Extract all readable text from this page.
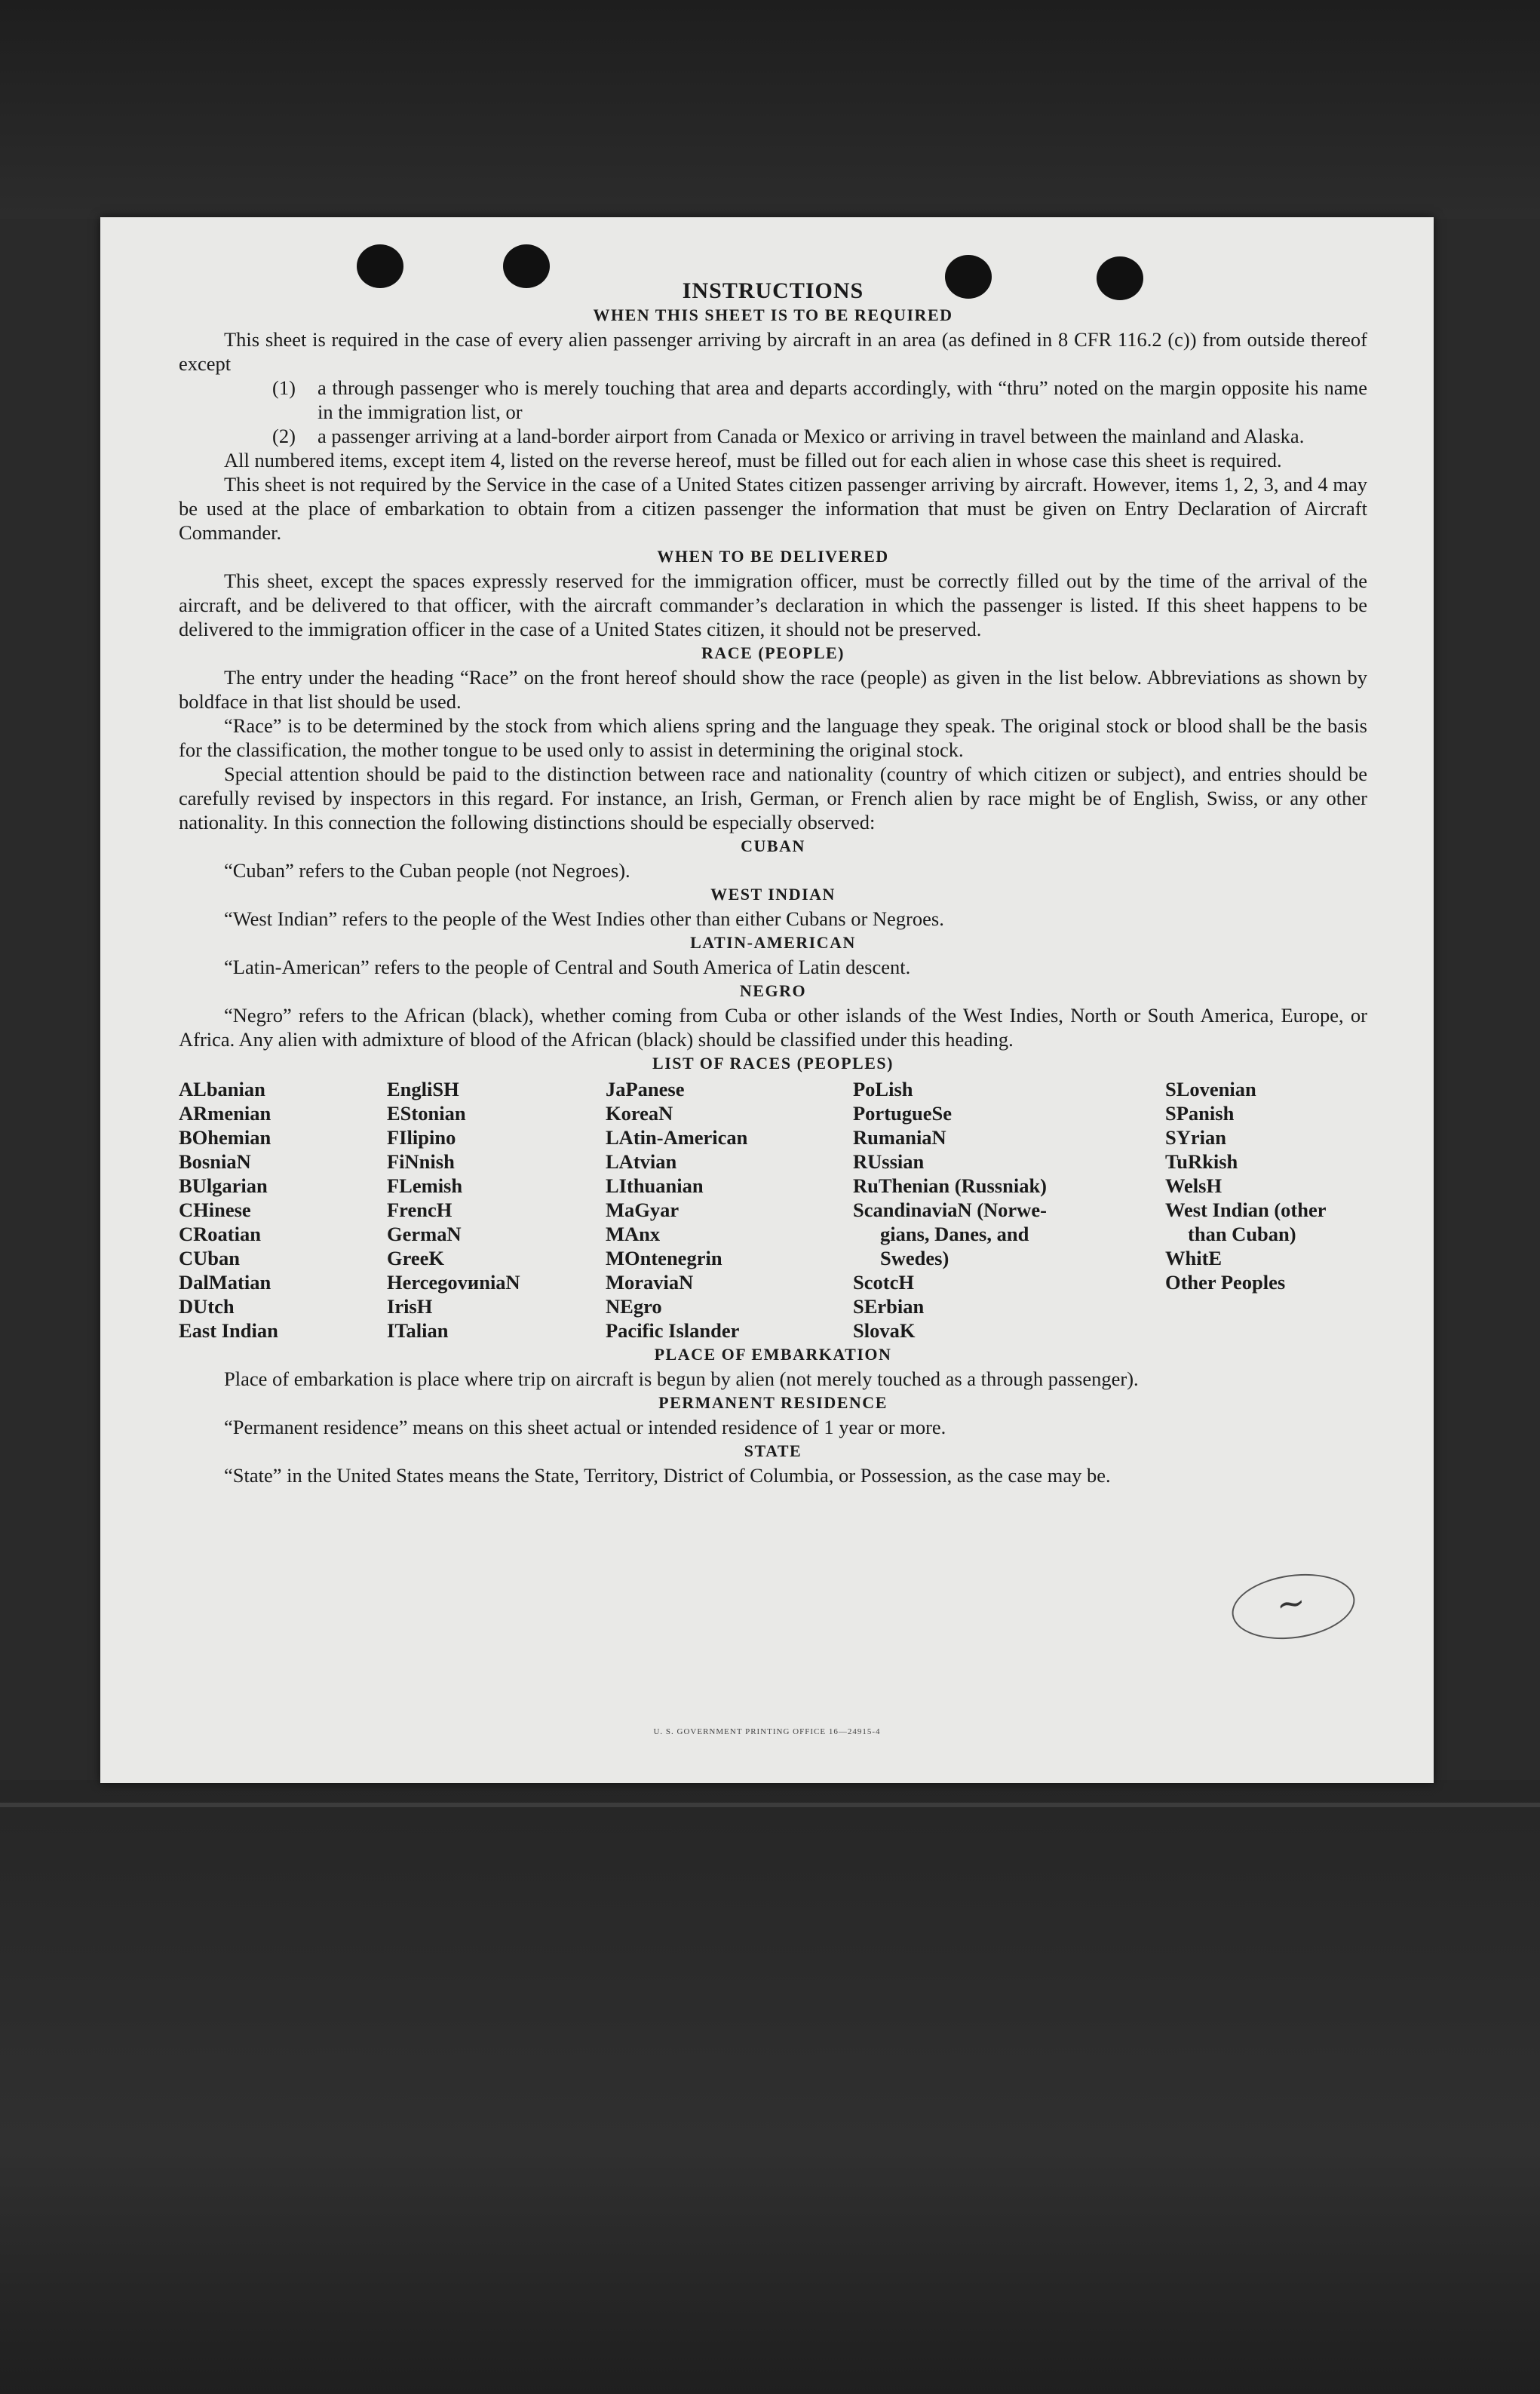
INSTRUCTIONS
WHEN THIS SHEET IS TO BE REQUIRED

This sheet is required in the case of every alien passenger arriving by aircraft in an area (as defined in 8 CFR 116.2 (c)) from outside thereof except

(1)	a through passenger who is merely touching that area and departs accordingly, with “thru” noted on the margin opposite his name in the immigration list, or
(2)	a passenger arriving at a land-border airport from Canada or Mexico or arriving in travel between the mainland and Alaska.

All numbered items, except item 4, listed on the reverse hereof, must be filled out for each alien in whose case this sheet is required.

This sheet is not required by the Service in the case of a United States citizen passenger arriving by aircraft. However, items 1, 2, 3, and 4 may be used at the place of embarkation to obtain from a citizen passenger the information that must be given on Entry Declaration of Aircraft Commander.

WHEN TO BE DELIVERED

This sheet, except the spaces expressly reserved for the immigration officer, must be correctly filled out by the time of the arrival of the aircraft, and be delivered to that officer, with the aircraft commander’s declaration in which the passenger is listed. If this sheet happens to be delivered to the immigration officer in the case of a United States citizen, it should not be preserved.

RACE (PEOPLE)

The entry under the heading “Race” on the front hereof should show the race (people) as given in the list below. Abbreviations as shown by boldface in that list should be used.

“Race” is to be determined by the stock from which aliens spring and the language they speak. The original stock or blood shall be the basis for the classification, the mother tongue to be used only to assist in determining the original stock.

Special attention should be paid to the distinction between race and nationality (country of which citizen or subject), and entries should be carefully revised by inspectors in this regard. For instance, an Irish, German, or French alien by race might be of English, Swiss, or any other nationality. In this connection the following distinctions should be especially observed:

CUBAN

“Cuban” refers to the Cuban people (not Negroes).

WEST INDIAN

“West Indian” refers to the people of the West Indies other than either Cubans or Negroes.

LATIN-AMERICAN

“Latin-American” refers to the people of Central and South America of Latin descent.

NEGRO

“Negro” refers to the African (black), whether coming from Cuba or other islands of the West Indies, North or South America, Europe, or Africa. Any alien with admixture of blood of the African (black) should be classified under this heading.

LIST OF RACES (PEOPLES)
ALbanian
ARmenian
BOhemian
BosniaN
BUlgarian
CHinese
CRoatian
CUban
DalMatian
DUtch
East Indian
EngliSH
EStonian
FIlipino
FiNnish
FLemish
FrencH
GermaN
GreeK
HercegovиniaN
IrisH
ITalian
JaPanese
KoreaN
LAtin-American
LAtvian
LIthuanian
MaGyar
MAnx
MOntenegrin
MoraviaN
NEgro
Pacific Islander
PoLish
PortugueSe
RumaniaN
RUssian
RuThenian (Russniak)
ScandinaviaN (Norwe-
gians, Danes, and
Swedes)
ScotcH
SErbian
SlovaK
SLovenian
SPanish
SYrian
TuRkish
WelsH
West Indian (other
than Cuban)
WhitE
Other Peoples
PLACE OF EMBARKATION

Place of embarkation is place where trip on aircraft is begun by alien (not merely touched as a through passenger).

PERMANENT RESIDENCE

“Permanent residence” means on this sheet actual or intended residence of 1 year or more.

STATE

“State” in the United States means the State, Territory, District of Columbia, or Possession, as the case may be.

~
U. S. GOVERNMENT PRINTING OFFICE 16—24915-4
